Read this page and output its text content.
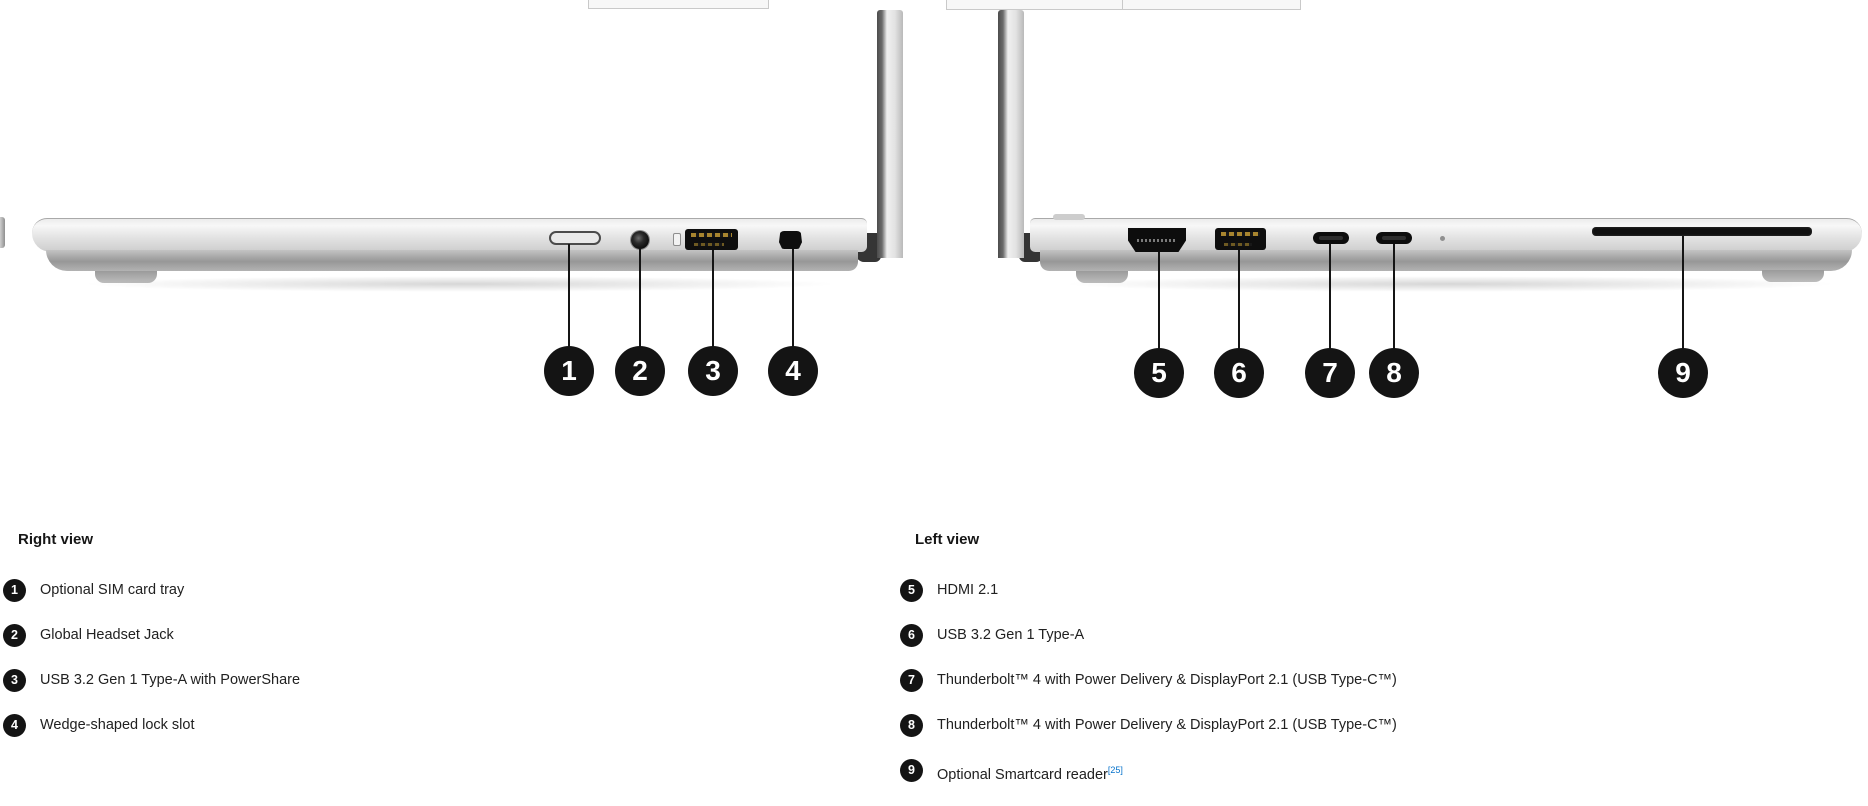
1	2	3	4	5	6	7	8	9
Right view
1	Optional SIM card tray
2	Global Headset Jack
3	USB 3.2 Gen 1 Type-A with PowerShare
4	Wedge-shaped lock slot
Left view
5	HDMI 2.1
6	USB 3.2 Gen 1 Type-A
7	Thunderbolt™ 4 with Power Delivery & DisplayPort 2.1 (USB Type-C™)
8	Thunderbolt™ 4 with Power Delivery & DisplayPort 2.1 (USB Type-C™)
9	Optional Smartcard reader[25]
